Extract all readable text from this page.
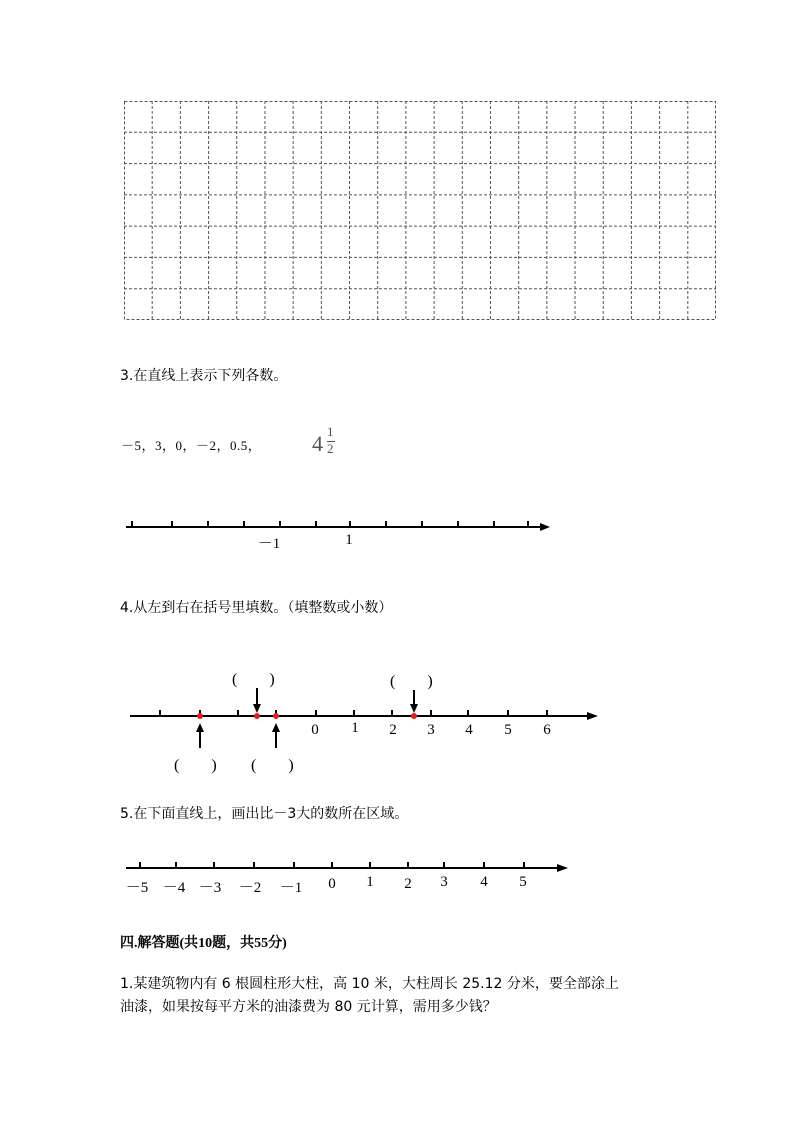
3.在直线上表示下列各数。
－5，3，0，－2，0.5， 4 1
2
－1	1
4.从左到右在括号里填数。（填整数或小数）
(　　)	(　　)
0 1 2 3 4 5 6
(　　) (　　)
5.在下面直线上，画出比－3大的数所在区域。
－5 －4 －3 －2 －1 0 1 2 3 4 5
四.解答题(共10题，共55分)
1.某建筑物内有 6 根圆柱形大柱，高 10 米，大柱周长 25.12 分米，要全部涂上
油漆，如果按每平方米的油漆费为 80 元计算，需用多少钱？
